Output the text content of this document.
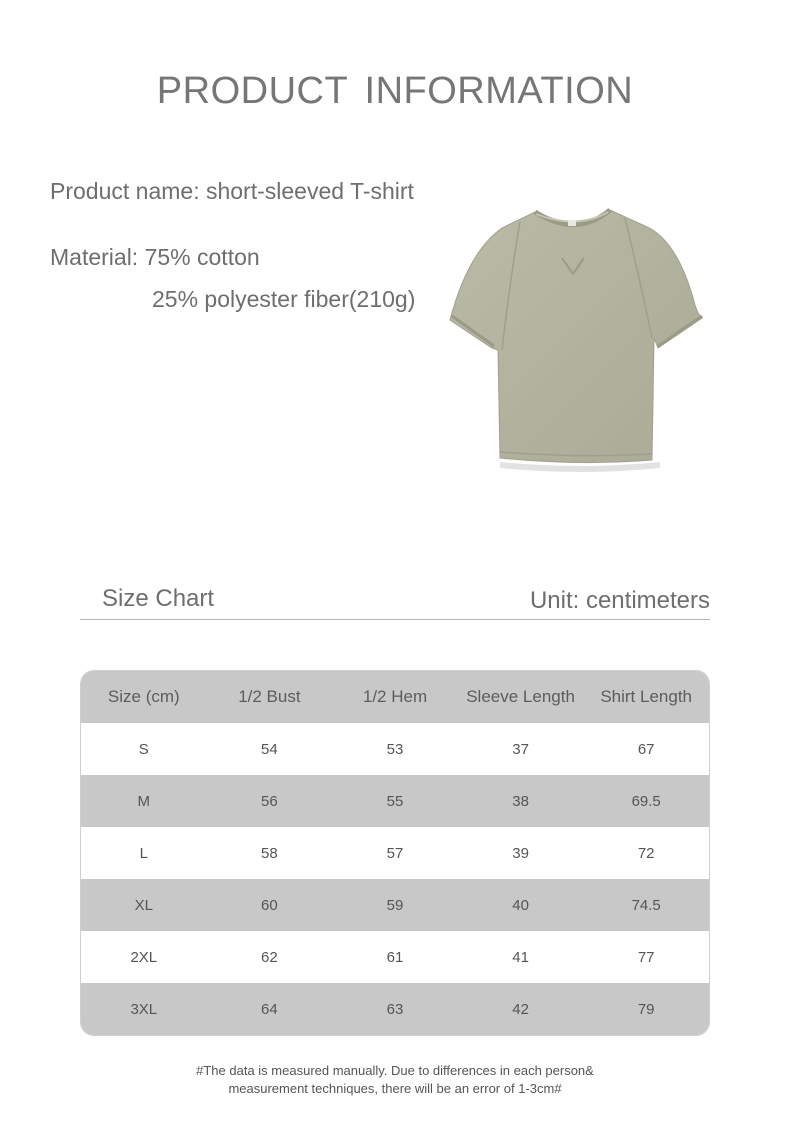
PRODUCT INFORMATION
Product name: short-sleeved T-shirt
Material: 75% cotton
25% polyester fiber(210g)
Size Chart	Unit: centimeters
Size (cm)	1/2 Bust	1/2 Hem	Sleeve Length	Shirt Length
S	54	53	37	67
M	56	55	38	69.5
L	58	57	39	72
XL	60	59	40	74.5
2XL	62	61	41	77
3XL	64	63	42	79
#The data is measured manually. Due to differences in each person&
measurement techniques, there will be an error of 1-3cm#
